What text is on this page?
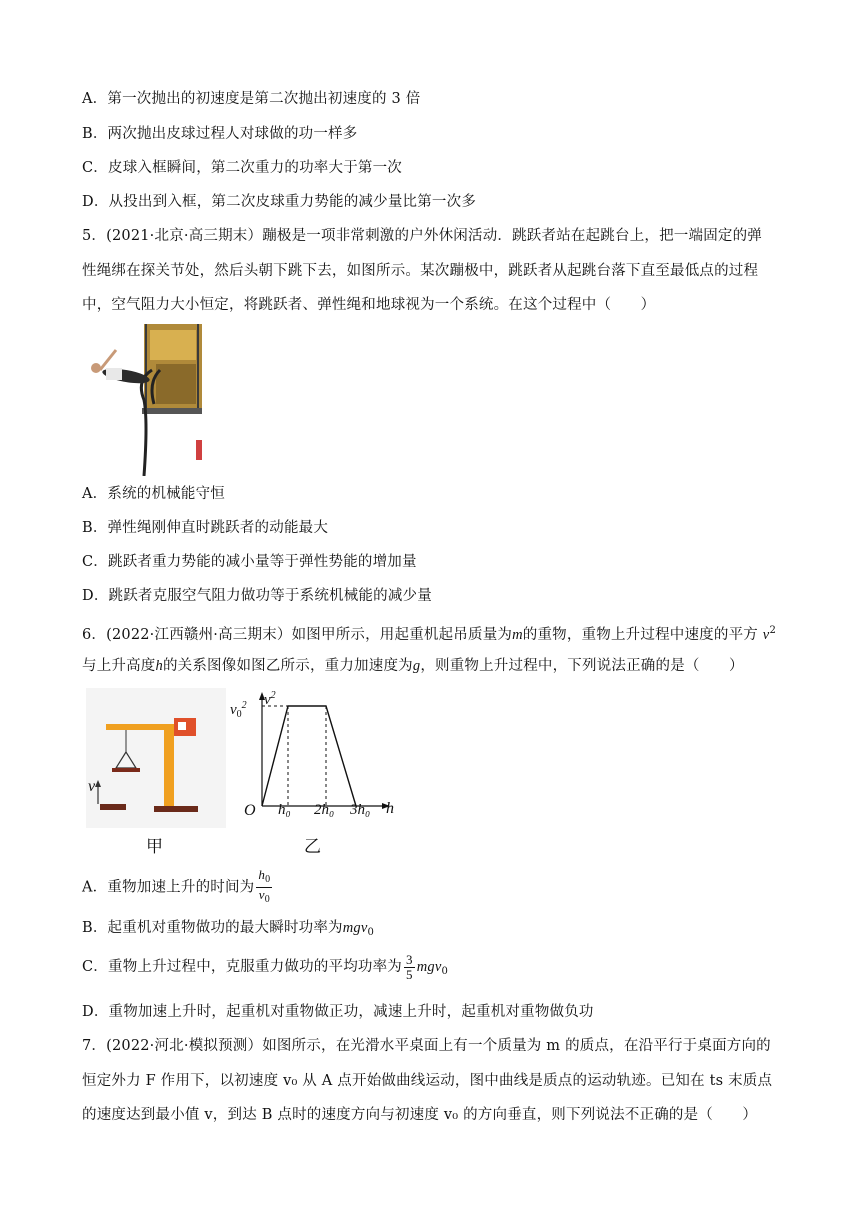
A．第一次抛出的初速度是第二次抛出初速度的 3 倍
B．两次抛出皮球过程人对球做的功一样多
C．皮球入框瞬间，第二次重力的功率大于第一次
D．从投出到入框，第二次皮球重力势能的减少量比第一次多
5．(2021·北京·高三期末）蹦极是一项非常刺激的户外休闲活动．跳跃者站在起跳台上，把一端固定的弹
性绳绑在探关节处，然后头朝下跳下去，如图所示。某次蹦极中，跳跃者从起跳台落下直至最低点的过程
中，空气阻力大小恒定，将跳跃者、弹性绳和地球视为一个系统。在这个过程中（　　）
A．系统的机械能守恒
B．弹性绳刚伸直时跳跃者的动能最大
C．跳跃者重力势能的减小量等于弹性势能的增加量
D．跳跃者克服空气阻力做功等于系统机械能的减少量
6．(2022·江西赣州·高三期末）如图甲所示，用起重机起吊质量为m的重物，重物上升过程中速度的平方 $v^2$
与上升高度h的关系图像如图乙所示，重力加速度为g，则重物上升过程中，下列说法正确的是（　　）
v
甲
$v^2$
$v_0^2$
O h₀ 2h₀ 3h₀ h
乙
A．重物加速上升的时间为 $\frac{h_0}{v_0}$
B．起重机对重物做功的最大瞬时功率为mgv$_0$
C．重物上升过程中，克服重力做功的平均功率为 $\frac{3}{5} mgv_0$
D．重物加速上升时，起重机对重物做正功，减速上升时，起重机对重物做负功
7．(2022·河北·模拟预测）如图所示，在光滑水平桌面上有一个质量为 m 的质点，在沿平行于桌面方向的
恒定外力 F 作用下，以初速度 v₀ 从 A 点开始做曲线运动，图中曲线是质点的运动轨迹。已知在 ts 末质点
的速度达到最小值 v，到达 B 点时的速度方向与初速度 v₀ 的方向垂直，则下列说法不正确的是（　　）
